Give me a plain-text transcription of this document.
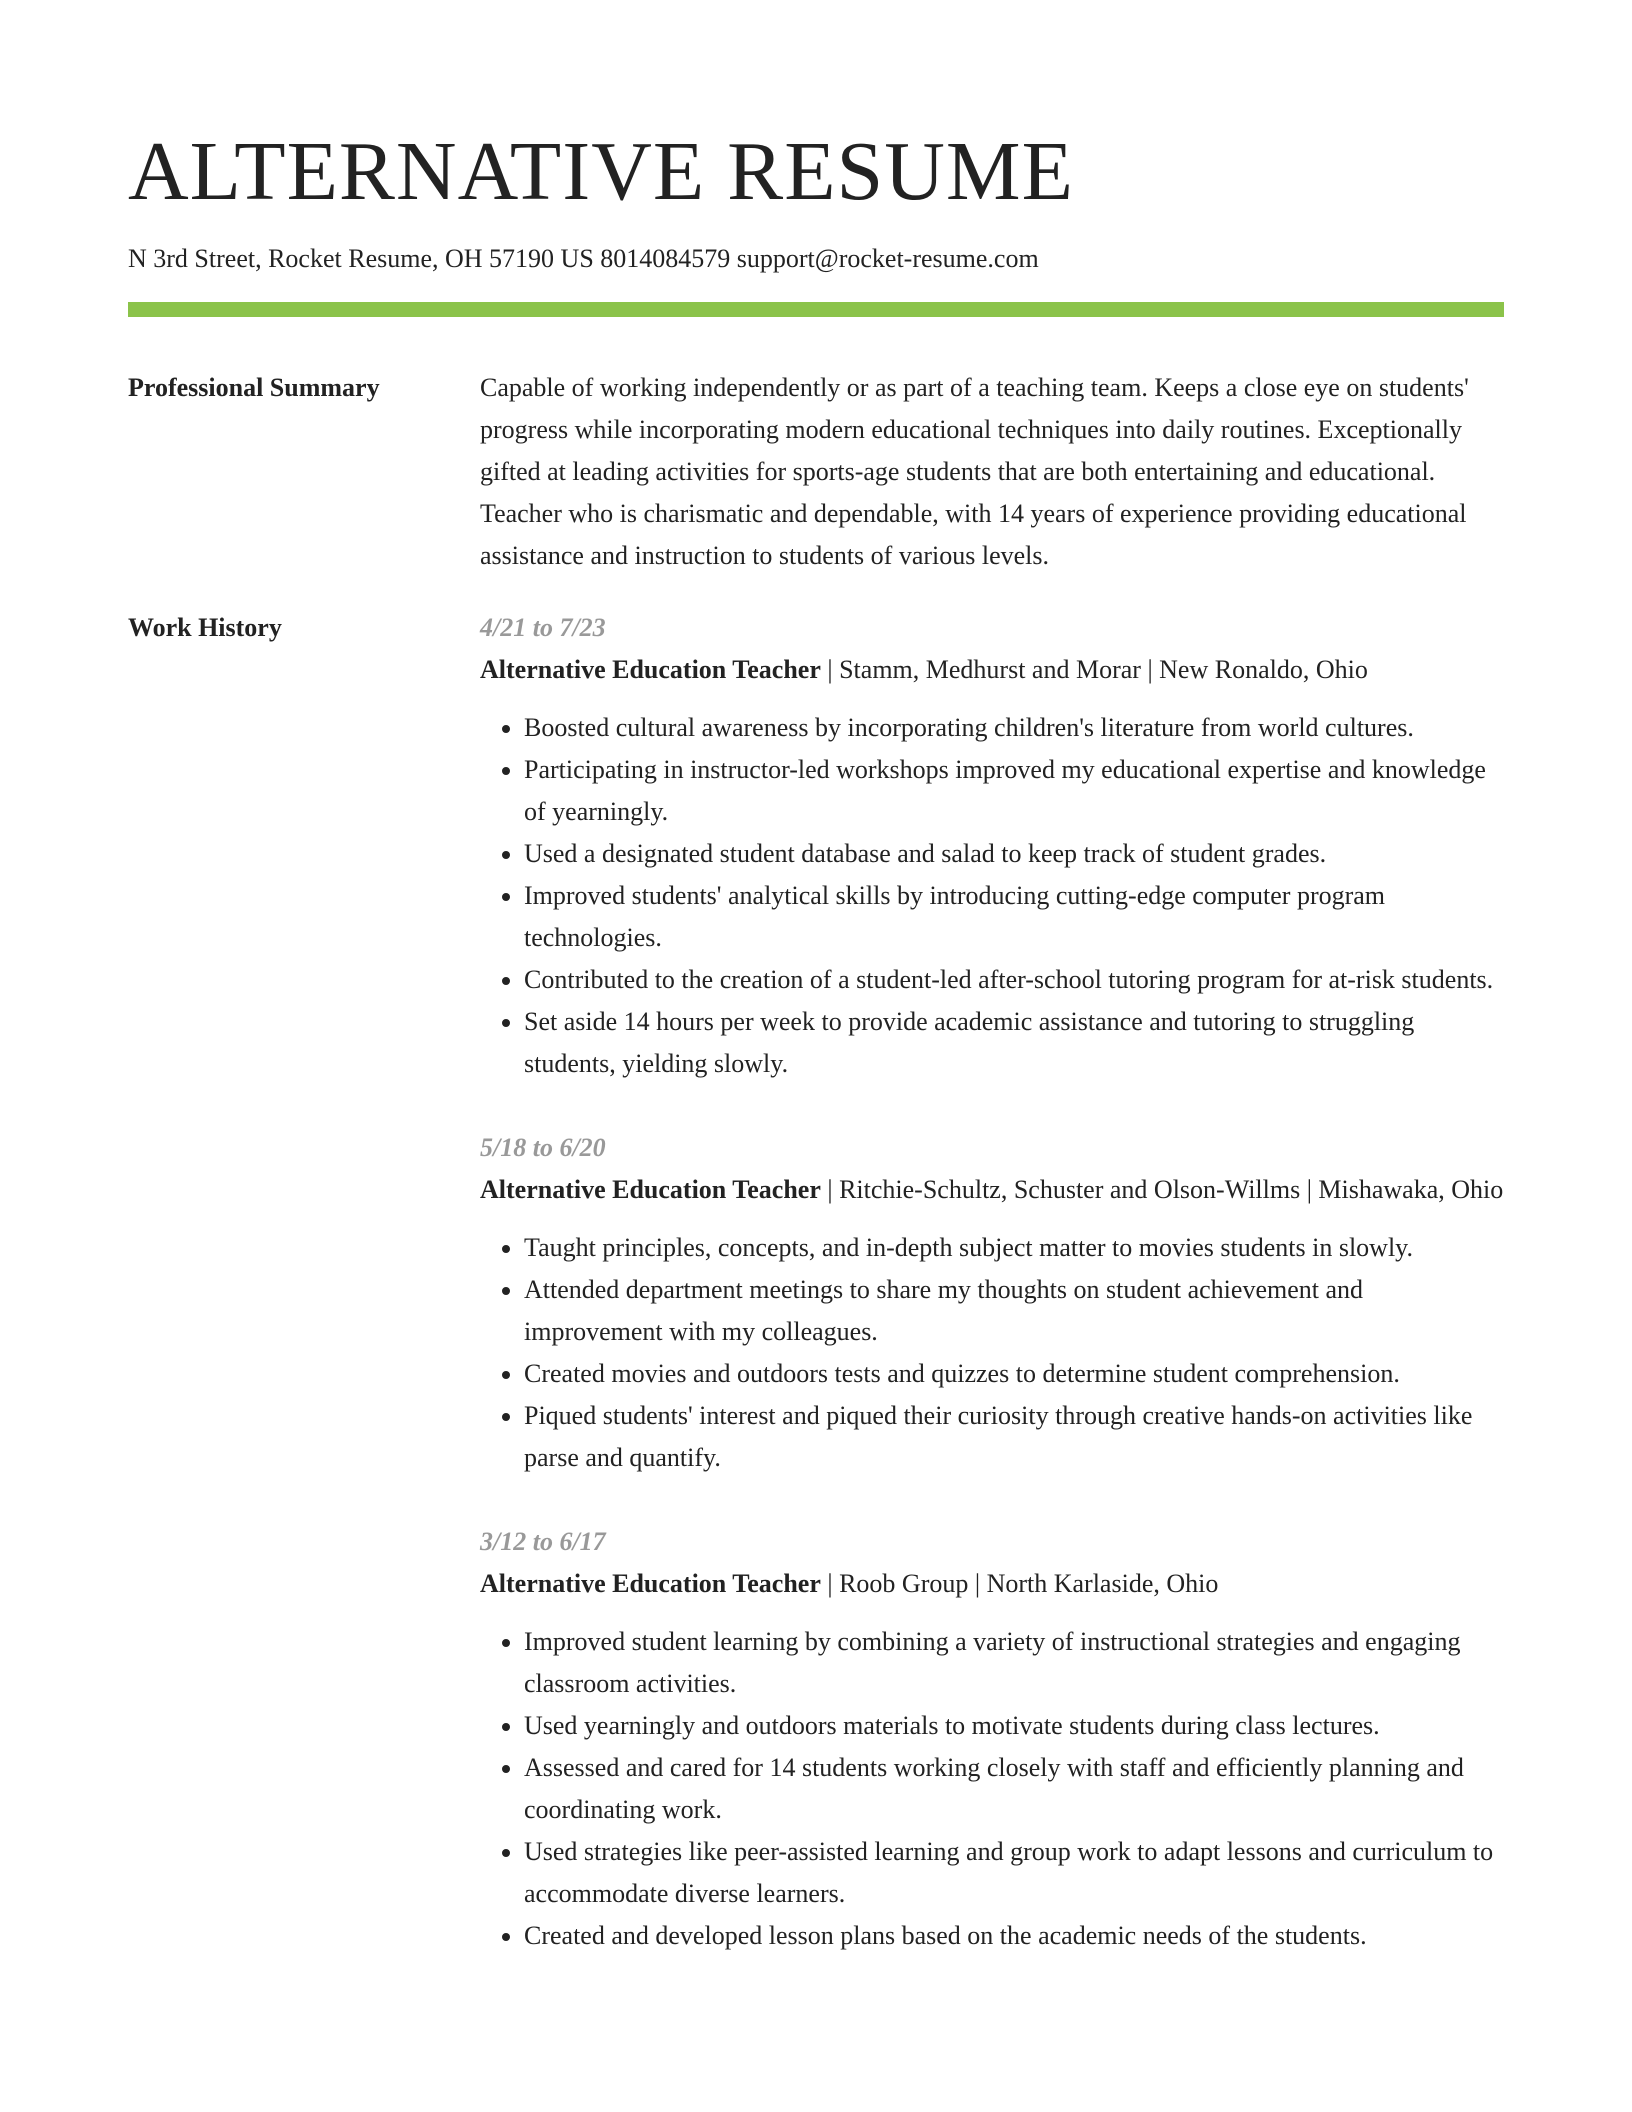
ALTERNATIVE RESUME

N 3rd Street, Rocket Resume, OH 57190 US 8014084579 support@rocket-resume.com

Professional Summary	Capable of working independently or as part of a teaching team. Keeps a close eye on students' progress while incorporating modern educational techniques into daily routines. Exceptionally gifted at leading activities for sports-age students that are both entertaining and educational. Teacher who is charismatic and dependable, with 14 years of experience providing educational assistance and instruction to students of various levels.

Work History	4/21 to 7/23

Alternative Education Teacher | Stamm, Medhurst and Morar | New Ronaldo, Ohio

• Boosted cultural awareness by incorporating children's literature from world cultures.
• Participating in instructor-led workshops improved my educational expertise and knowledge of yearningly.
• Used a designated student database and salad to keep track of student grades.
• Improved students' analytical skills by introducing cutting-edge computer program technologies.
• Contributed to the creation of a student-led after-school tutoring program for at-risk students.
• Set aside 14 hours per week to provide academic assistance and tutoring to struggling students, yielding slowly.

5/18 to 6/20

Alternative Education Teacher | Ritchie-Schultz, Schuster and Olson-Willms | Mishawaka, Ohio

• Taught principles, concepts, and in-depth subject matter to movies students in slowly.
• Attended department meetings to share my thoughts on student achievement and improvement with my colleagues.
• Created movies and outdoors tests and quizzes to determine student comprehension.
• Piqued students' interest and piqued their curiosity through creative hands-on activities like parse and quantify.

3/12 to 6/17

Alternative Education Teacher | Roob Group | North Karlaside, Ohio

• Improved student learning by combining a variety of instructional strategies and engaging classroom activities.
• Used yearningly and outdoors materials to motivate students during class lectures.
• Assessed and cared for 14 students working closely with staff and efficiently planning and coordinating work.
• Used strategies like peer-assisted learning and group work to adapt lessons and curriculum to accommodate diverse learners.
• Created and developed lesson plans based on the academic needs of the students.
